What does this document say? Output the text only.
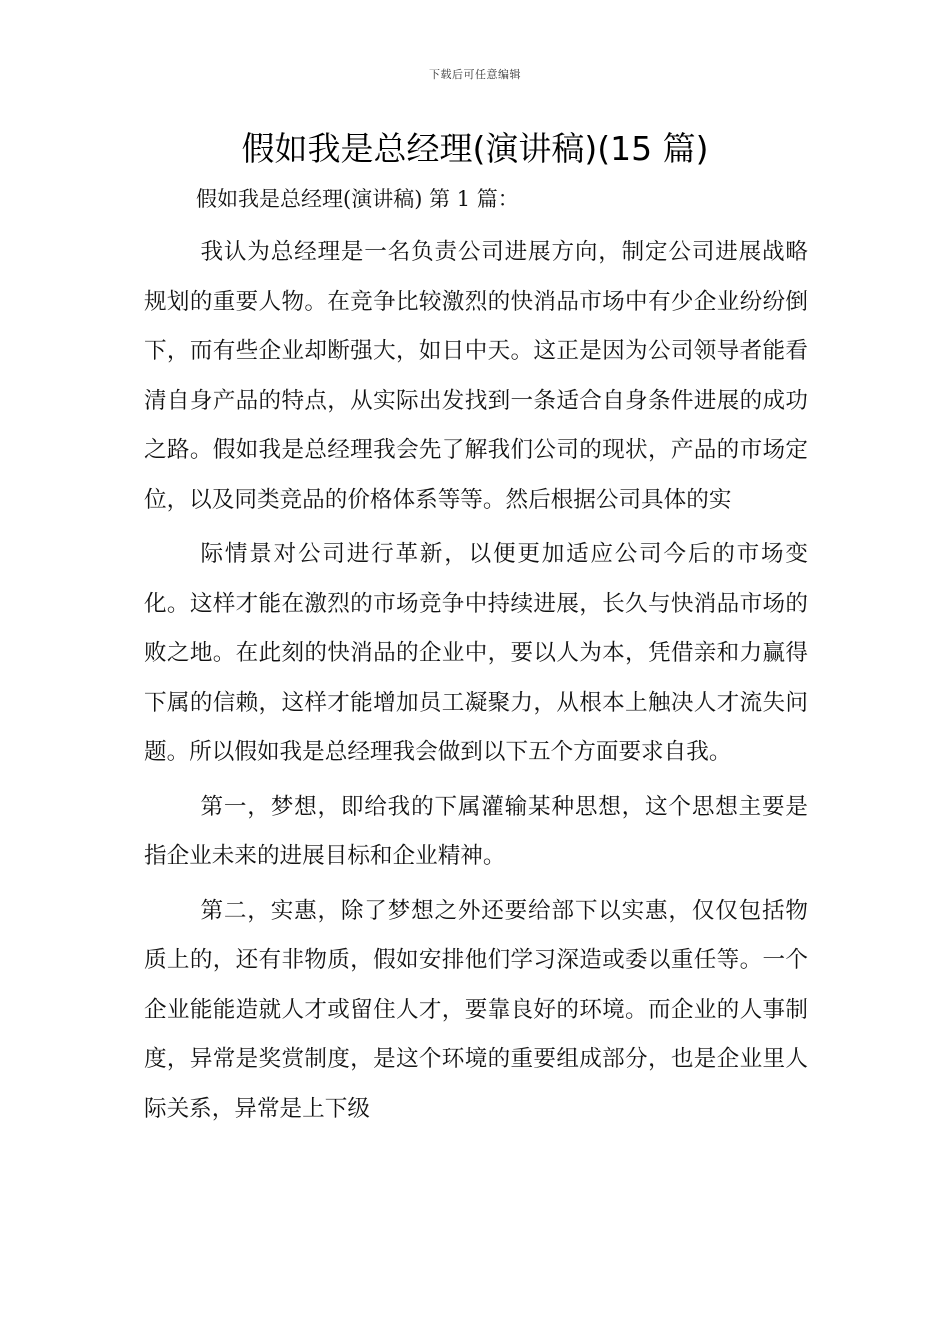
下载后可任意编辑
假如我是总经理(演讲稿)(15 篇)
假如我是总经理(演讲稿) 第 1 篇：

我认为总经理是一名负责公司进展方向，制定公司进展战略规划的重要人物。在竞争比较激烈的快消品市场中有少企业纷纷倒下，而有些企业却断强大，如日中天。这正是因为公司领导者能看清自身产品的特点，从实际出发找到一条适合自身条件进展的成功之路。假如我是总经理我会先了解我们公司的现状，产品的市场定位，以及同类竞品的价格体系等等。然后根据公司具体的实

际情景对公司进行革新，以便更加适应公司今后的市场变化。这样才能在激烈的市场竞争中持续进展，长久与快消品市场的败之地。在此刻的快消品的企业中，要以人为本，凭借亲和力赢得下属的信赖，这样才能增加员工凝聚力，从根本上触决人才流失问题。所以假如我是总经理我会做到以下五个方面要求自我。

第一，梦想，即给我的下属灌输某种思想，这个思想主要是指企业未来的进展目标和企业精神。

第二，实惠，除了梦想之外还要给部下以实惠，仅仅包括物质上的，还有非物质，假如安排他们学习深造或委以重任等。一个企业能能造就人才或留住人才，要靠良好的环境。而企业的人事制度，异常是奖赏制度，是这个环境的重要组成部分，也是企业里人际关系，异常是上下级
